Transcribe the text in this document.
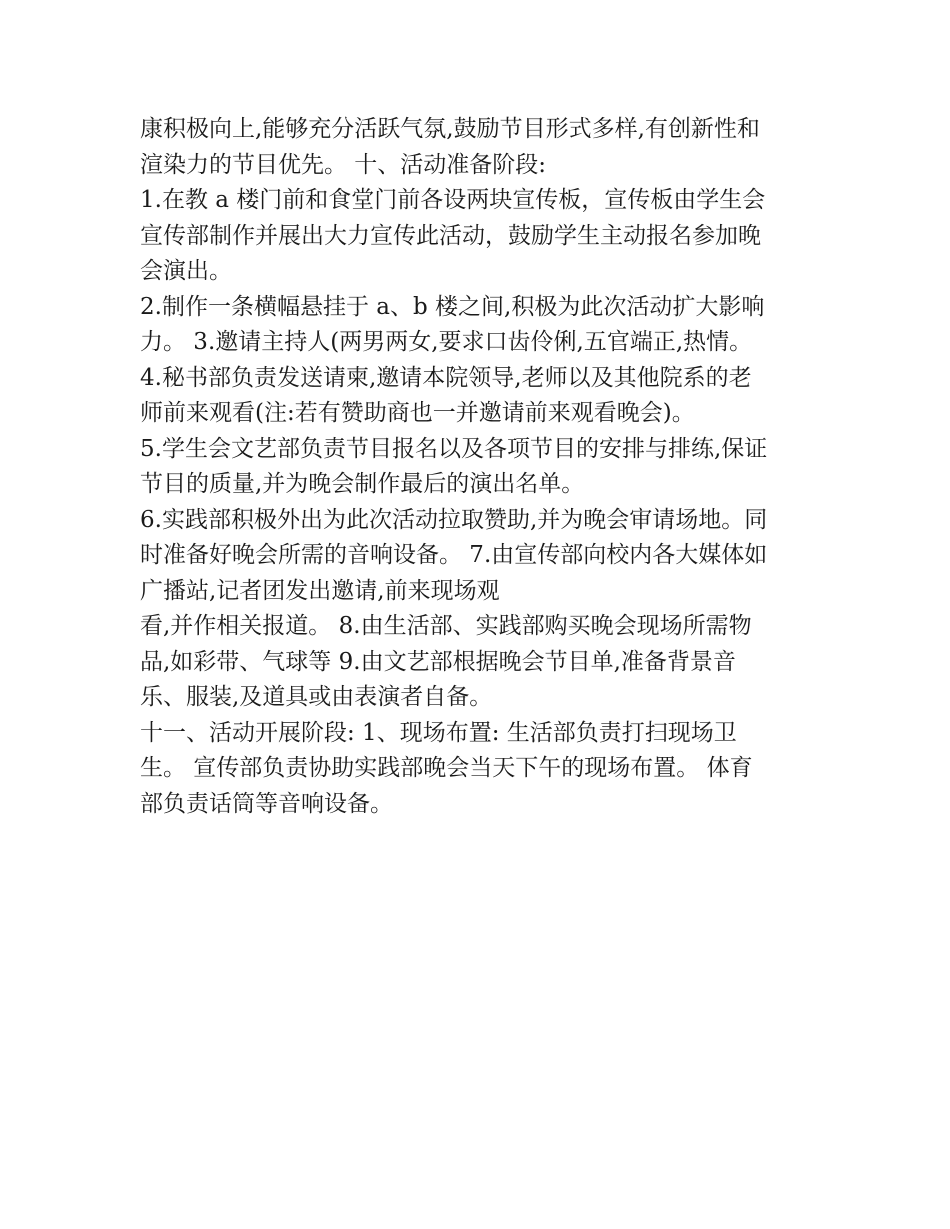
康积极向上,能够充分活跃气氛,鼓励节目形式多样,有创新性和
渲染力的节目优先。 十、活动准备阶段:
1.在教 a 楼门前和食堂门前各设两块宣传板，宣传板由学生会
宣传部制作并展出大力宣传此活动，鼓励学生主动报名参加晚
会演出。
2.制作一条横幅悬挂于 a、b 楼之间,积极为此次活动扩大影响
力。 3.邀请主持人(两男两女,要求口齿伶俐,五官端正,热情。
4.秘书部负责发送请柬,邀请本院领导,老师以及其他院系的老
师前来观看(注:若有赞助商也一并邀请前来观看晚会)。
5.学生会文艺部负责节目报名以及各项节目的安排与排练,保证
节目的质量,并为晚会制作最后的演出名单。
6.实践部积极外出为此次活动拉取赞助,并为晚会审请场地。同
时准备好晚会所需的音响设备。 7.由宣传部向校内各大媒体如
广播站,记者团发出邀请,前来现场观
看,并作相关报道。 8.由生活部、实践部购买晚会现场所需物
品,如彩带、气球等 9.由文艺部根据晚会节目单,准备背景音
乐、服装,及道具或由表演者自备。
十一、活动开展阶段: 1、现场布置: 生活部负责打扫现场卫
生。 宣传部负责协助实践部晚会当天下午的现场布置。 体育
部负责话筒等音响设备。
